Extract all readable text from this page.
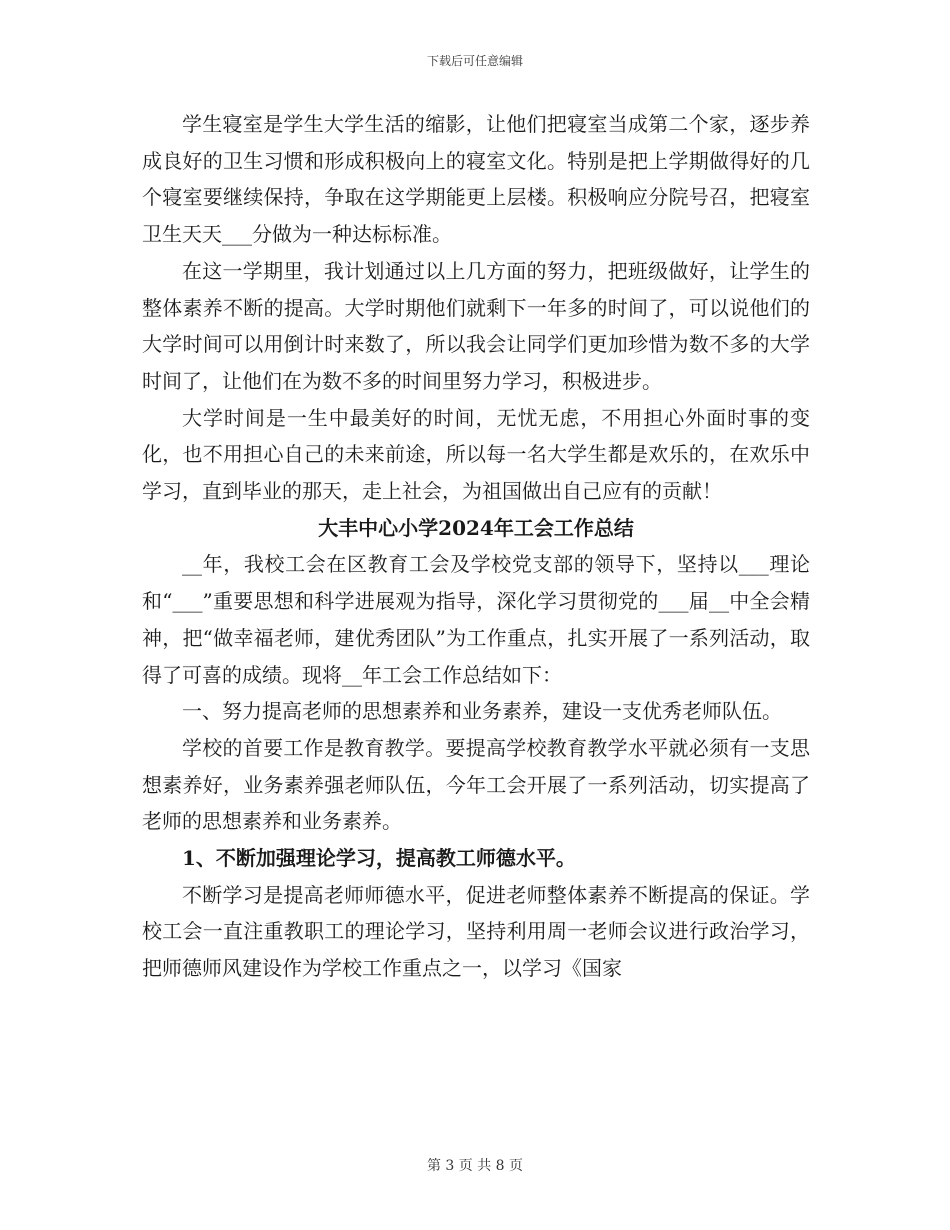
下载后可任意编辑

学生寝室是学生大学生活的缩影，让他们把寝室当成第二个家，逐步养成良好的卫生习惯和形成积极向上的寝室文化。特别是把上学期做得好的几个寝室要继续保持，争取在这学期能更上层楼。积极响应分院号召，把寝室卫生天天___分做为一种达标标准。

在这一学期里，我计划通过以上几方面的努力，把班级做好，让学生的整体素养不断的提高。大学时期他们就剩下一年多的时间了，可以说他们的大学时间可以用倒计时来数了，所以我会让同学们更加珍惜为数不多的大学时间了，让他们在为数不多的时间里努力学习，积极进步。

大学时间是一生中最美好的时间，无忧无虑，不用担心外面时事的变化，也不用担心自己的未来前途，所以每一名大学生都是欢乐的，在欢乐中学习，直到毕业的那天，走上社会，为祖国做出自己应有的贡献！

大丰中心小学2024年工会工作总结

__年，我校工会在区教育工会及学校党支部的领导下，坚持以___理论和“___”重要思想和科学进展观为指导，深化学习贯彻党的___届__中全会精神，把“做幸福老师，建优秀团队”为工作重点，扎实开展了一系列活动，取得了可喜的成绩。现将__年工会工作总结如下：

一、努力提高老师的思想素养和业务素养，建设一支优秀老师队伍。

学校的首要工作是教育教学。要提高学校教育教学水平就必须有一支思想素养好，业务素养强老师队伍，今年工会开展了一系列活动，切实提高了老师的思想素养和业务素养。

1、不断加强理论学习，提高教工师德水平。

不断学习是提高老师师德水平，促进老师整体素养不断提高的保证。学校工会一直注重教职工的理论学习，坚持利用周一老师会议进行政治学习，把师德师风建设作为学校工作重点之一，以学习《国家

第 3 页 共 8 页
